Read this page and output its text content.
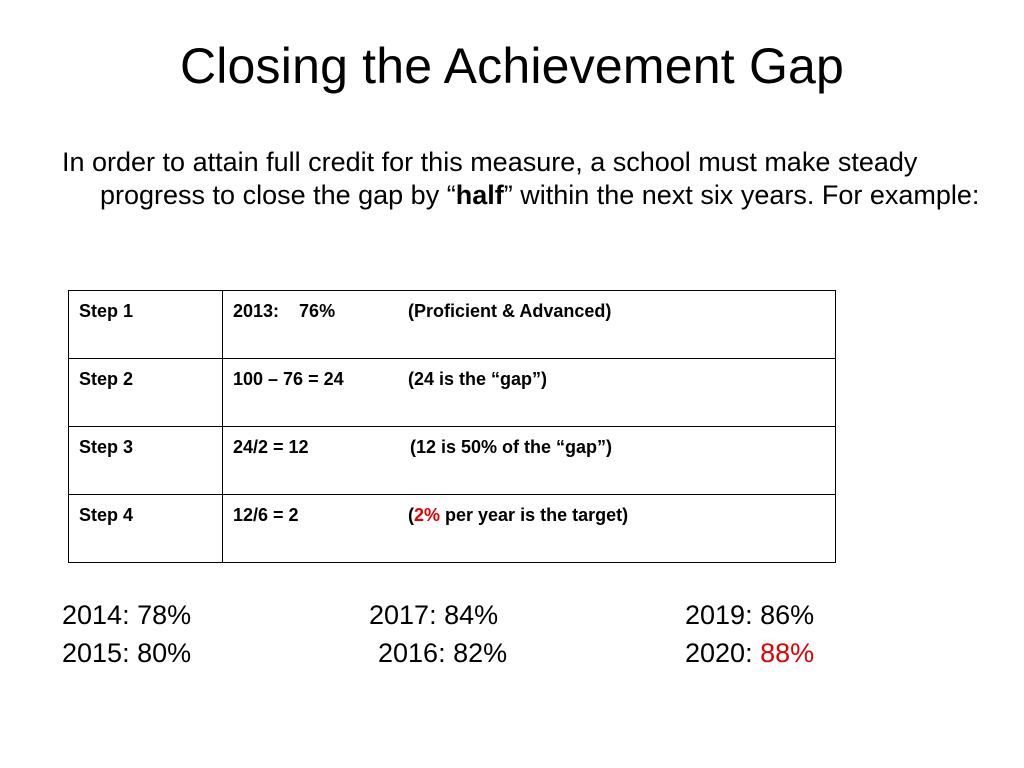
Closing the Achievement Gap
In order to attain full credit for this measure, a school must make steady progress to close the gap by “half” within the next six years. For example:
Step 1	2013:    76% (Proficient & Advanced)
Step 2	100 – 76 = 24 (24 is the “gap”)
Step 3	24/2 = 12 (12 is 50% of the “gap”)
Step 4	12/6 = 2 (2% per year is the target)
2014: 78%	2017: 84%	2019: 86%
2015: 80%	2016: 82%	2020: 88%
